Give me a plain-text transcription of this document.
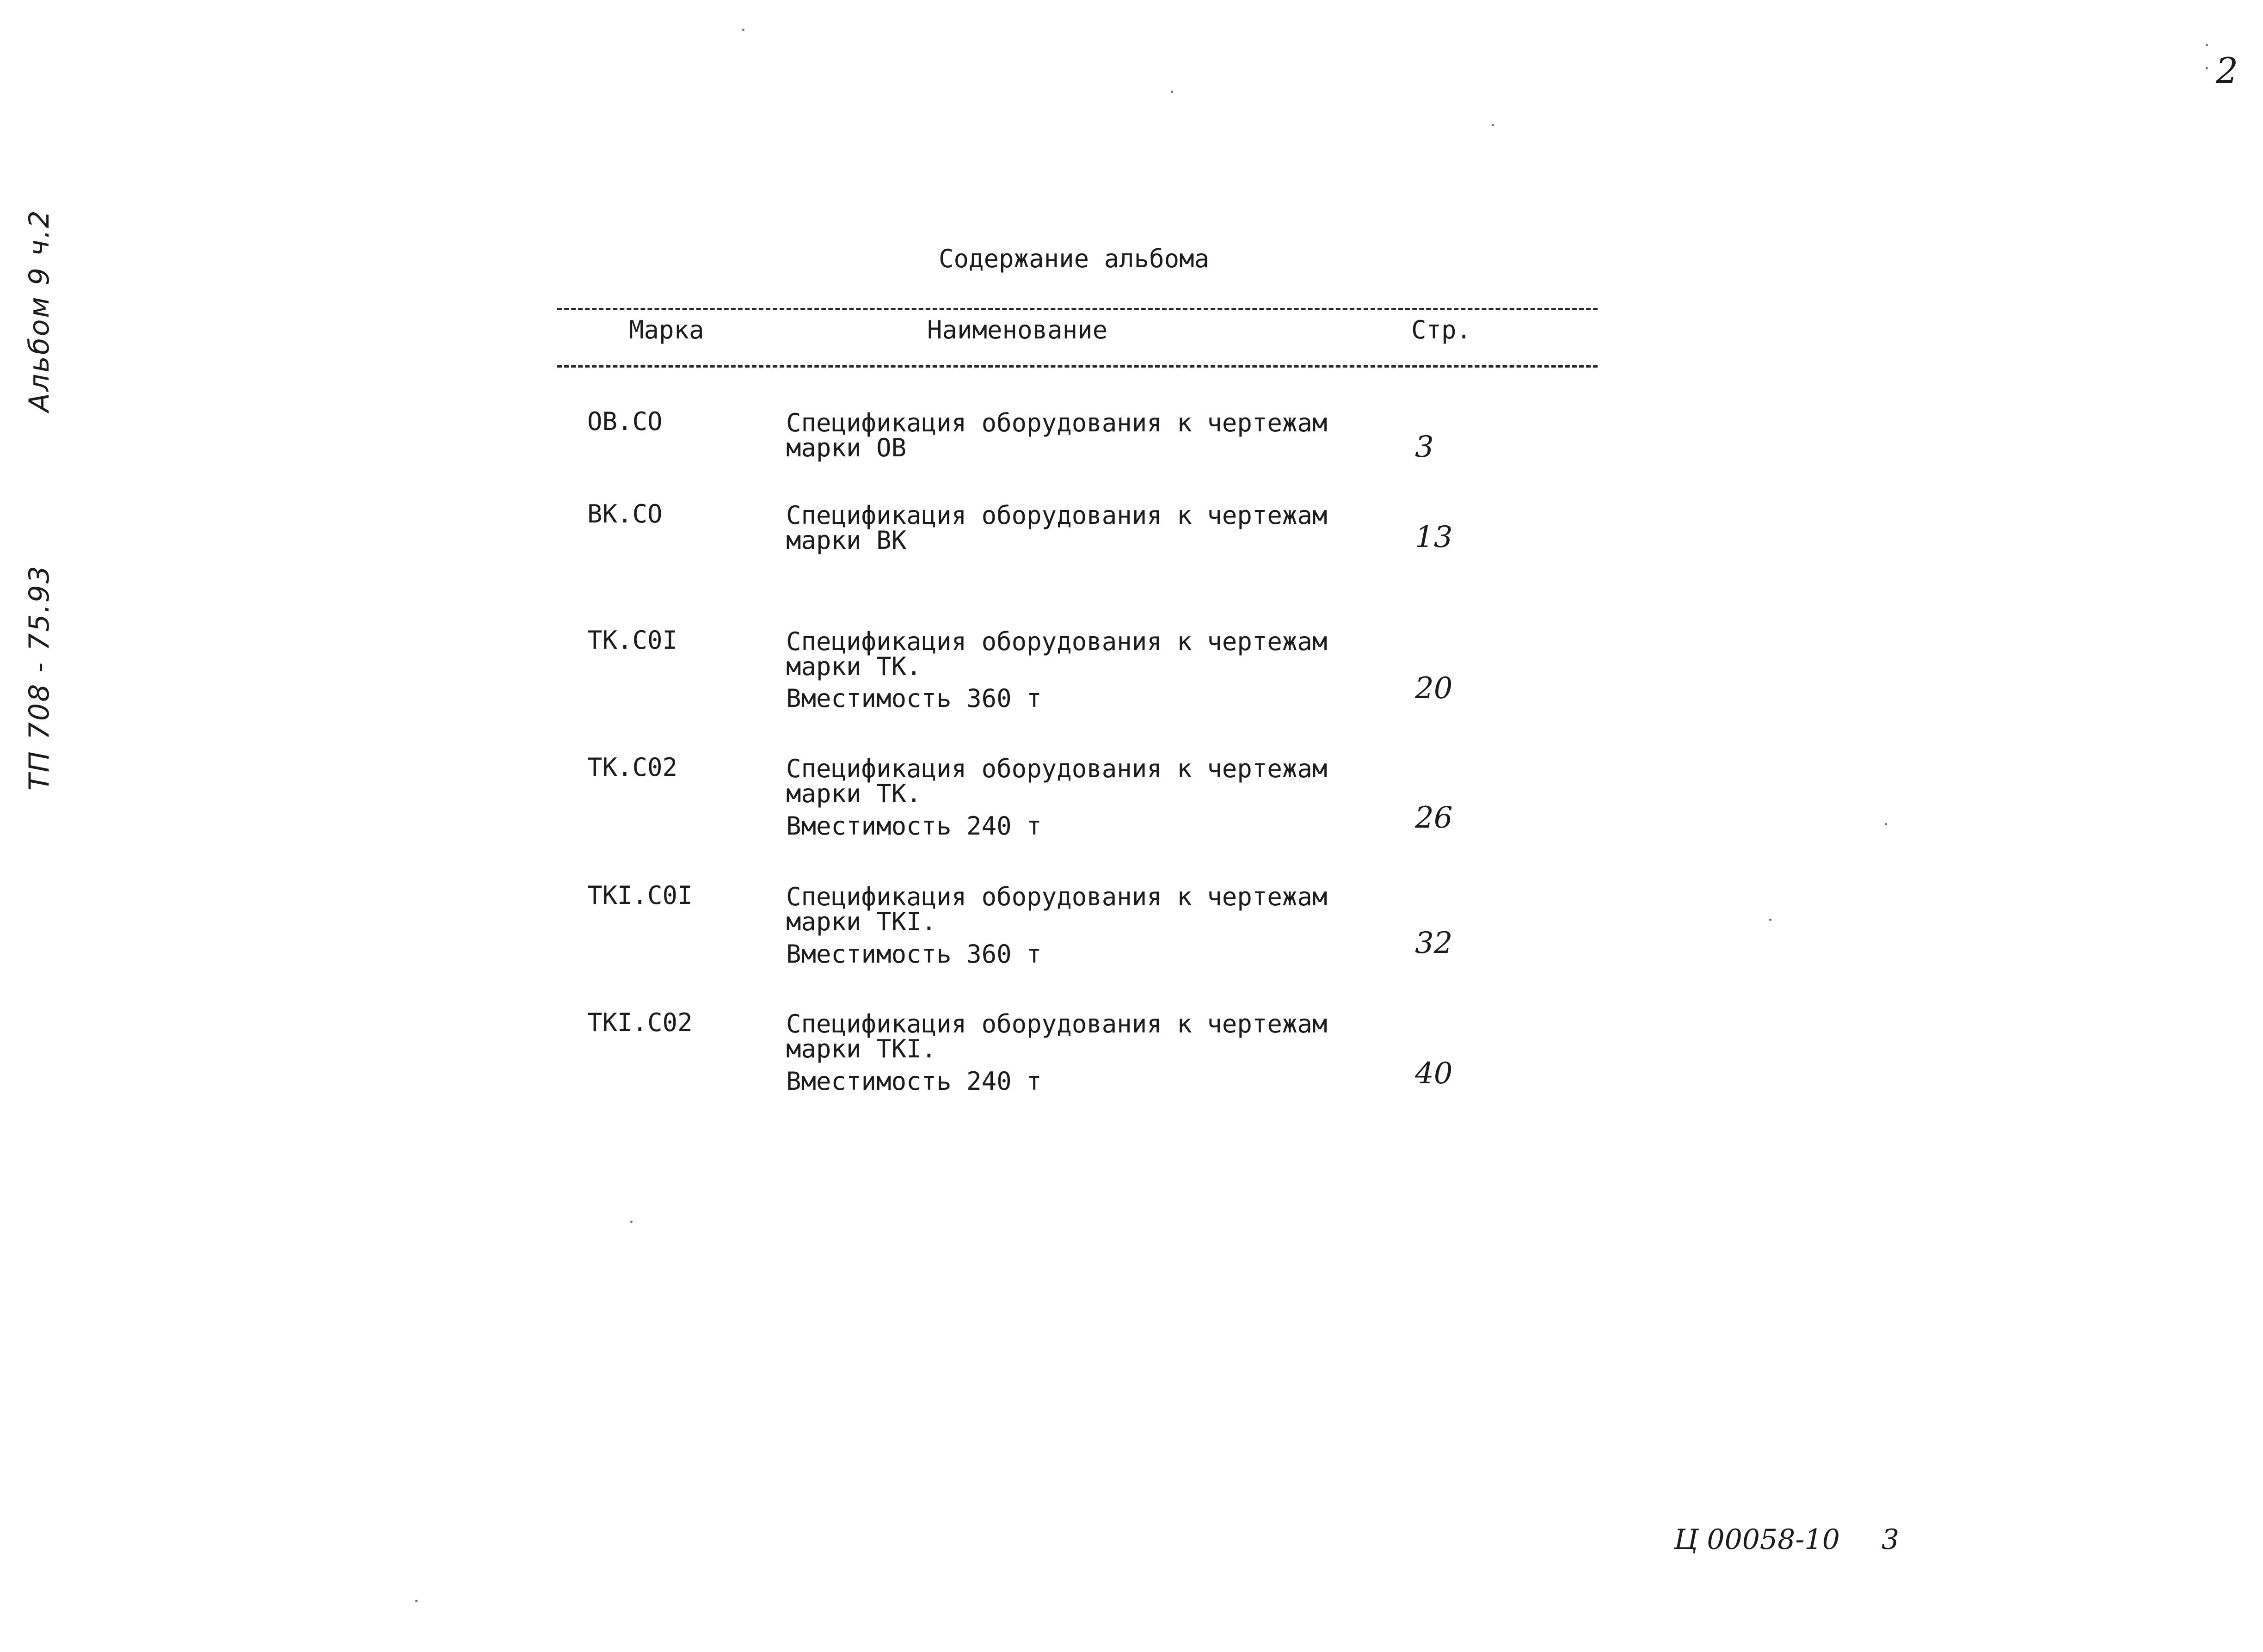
2
ТП 708 - 75.93Альбом 9 ч.2	Содержание альбома
Марка	Наименование	Стр.
ОВ.СО	Спецификация оборудования к чертежам
марки ОВ	3
ВК.СО	Спецификация оборудования к чертежам
марки ВК	13
ТК.С0I	Спецификация оборудования к чертежам
марки ТК.
Вместимость 360 т	20
ТК.С02	Спецификация оборудования к чертежам
марки ТК.
Вместимость 240 т	26
ТКI.С0I	Спецификация оборудования к чертежам
марки ТКI.
Вместимость 360 т	32
ТКI.С02	Спецификация оборудования к чертежам
марки ТКI.
Вместимость 240 т	40
Ц 00058-10 3
